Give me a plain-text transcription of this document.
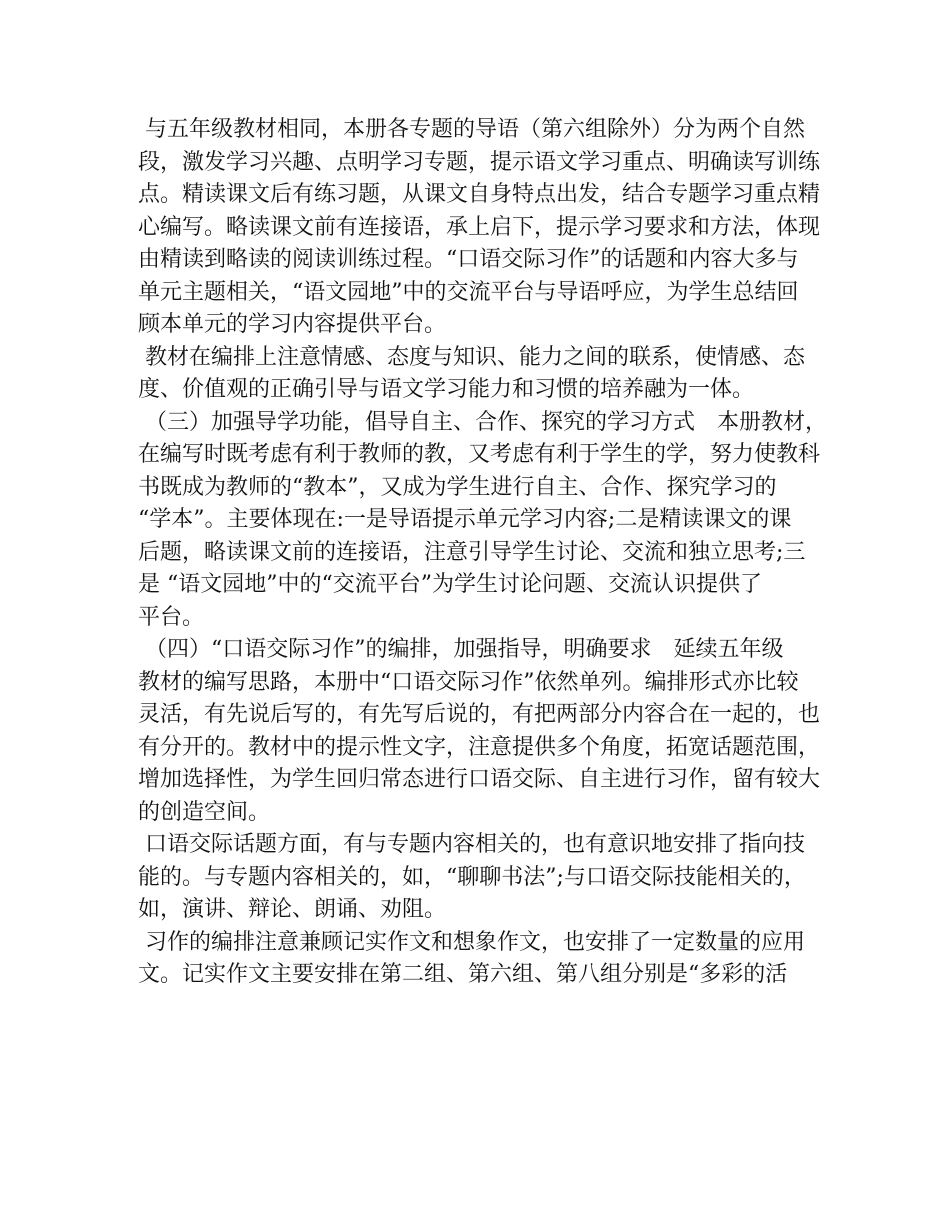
与五年级教材相同，本册各专题的导语（第六组除外）分为两个自然
段，激发学习兴趣、点明学习专题，提示语文学习重点、明确读写训练
点。精读课文后有练习题，从课文自身特点出发，结合专题学习重点精
心编写。略读课文前有连接语，承上启下，提示学习要求和方法，体现
由精读到略读的阅读训练过程。“口语交际习作”的话题和内容大多与
单元主题相关，“语文园地”中的交流平台与导语呼应，为学生总结回
顾本单元的学习内容提供平台。
教材在编排上注意情感、态度与知识、能力之间的联系，使情感、态
度、价值观的正确引导与语文学习能力和习惯的培养融为一体。
（三）加强导学功能，倡导自主、合作、探究的学习方式　本册教材，
在编写时既考虑有利于教师的教，又考虑有利于学生的学，努力使教科
书既成为教师的“教本”，又成为学生进行自主、合作、探究学习的
“学本”。主要体现在:一是导语提示单元学习内容;二是精读课文的课
后题，略读课文前的连接语，注意引导学生讨论、交流和独立思考;三
是 “语文园地”中的“交流平台”为学生讨论问题、交流认识提供了
平台。
（四）“口语交际习作”的编排，加强指导，明确要求　延续五年级
教材的编写思路，本册中“口语交际习作”依然单列。编排形式亦比较
灵活，有先说后写的，有先写后说的，有把两部分内容合在一起的，也
有分开的。教材中的提示性文字，注意提供多个角度，拓宽话题范围，
增加选择性，为学生回归常态进行口语交际、自主进行习作，留有较大
的创造空间。
口语交际话题方面，有与专题内容相关的，也有意识地安排了指向技
能的。与专题内容相关的，如，“聊聊书法”;与口语交际技能相关的，
如，演讲、辩论、朗诵、劝阻。
习作的编排注意兼顾记实作文和想象作文，也安排了一定数量的应用
文。记实作文主要安排在第二组、第六组、第八组分别是“多彩的活
